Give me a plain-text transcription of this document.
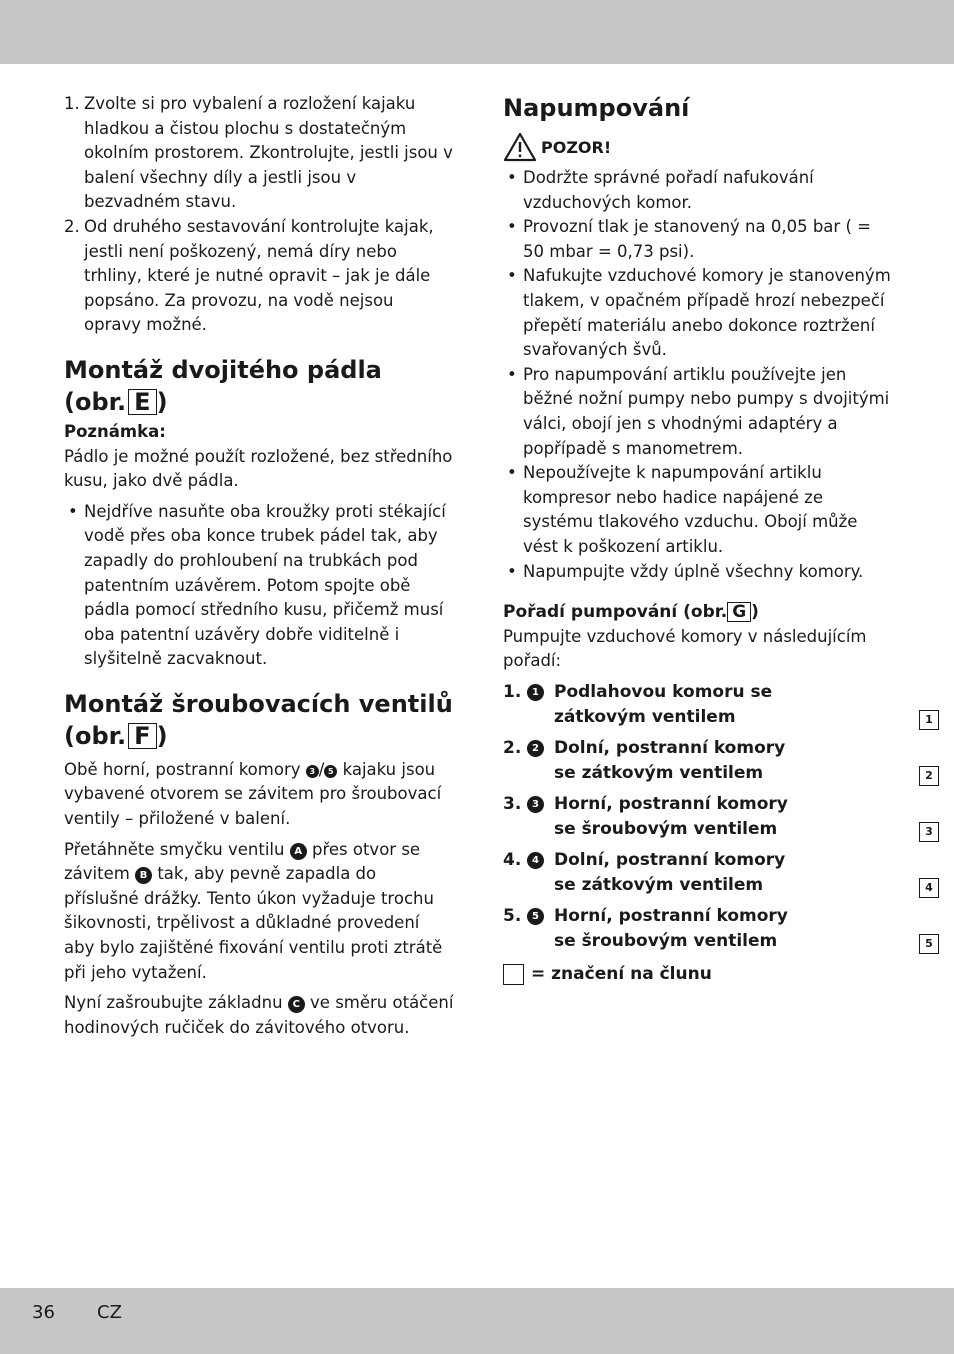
1. Zvolte si pro vybalení a rozložení kajaku hladkou a čistou plochu s dostatečným okolním prostorem. Zkontrolujte, jestli jsou v balení všechny díly a jestli jsou v bezvadném stavu.
2. Od druhého sestavování kontrolujte kajak, jestli není poškozený, nemá díry nebo trhliny, které je nutné opravit – jak je dále popsáno. Za provozu, na vodě nejsou opravy možné.
Montáž dvojitého pádla
(obr. E )

Poznámka:

Pádlo je možné použít rozložené, bez středního kusu, jako dvě pádla.

• Nejdříve nasuňte oba kroužky proti stékající vodě přes oba konce trubek pádel tak, aby zapadly do prohloubení na trubkách pod patentním uzávěrem. Potom spojte obě pádla pomocí středního kusu, přičemž musí oba patentní uzávěry dobře viditelně i slyšitelně zacvaknout.
Montáž šroubovacích ventilů
(obr. F )

Obě horní, postranní komory 3 / 5 kajaku jsou vybavené otvorem se závitem pro šroubovací ventily – přiložené v balení.

Přetáhněte smyčku ventilu A přes otvor se závitem B tak, aby pevně zapadla do příslušné drážky. Tento úkon vyžaduje trochu šikovnosti, trpělivost a důkladné provedení aby bylo zajištěné fixování ventilu proti ztrátě při jeho vytažení.

Nyní zašroubujte základnu C ve směru otáčení hodinových ručiček do závitového otvoru.

Napumpování
POZOR!
• Dodržte správné pořadí nafukování vzduchových komor.
• Provozní tlak je stanovený na 0,05 bar ( = 50 mbar = 0,73 psi).
• Nafukujte vzduchové komory je stanoveným tlakem, v opačném případě hrozí nebezpečí přepětí materiálu anebo dokonce roztržení svařovaných švů.
• Pro napumpování artiklu používejte jen běžné nožní pumpy nebo pumpy s dvojitými válci, obojí jen s vhodnými adaptéry a popřípadě s manometrem.
• Nepoužívejte k napumpování artiklu kompresor nebo hadice napájené ze systému tlakového vzduchu. Obojí může vést k poškození artiklu.
• Napumpujte vždy úplně všechny komory.

Pořadí pumpování (obr. G )

Pumpujte vzduchové komory v následujícím pořadí:

1.	1 Podlahovou komoru se
zátkovým ventilem	1
2.	2 Dolní, postranní komory
se zátkovým ventilem	2
3.	3 Horní, postranní komory
se šroubovým ventilem	3
4.	4 Dolní, postranní komory
se zátkovým ventilem	4
5.	5 Horní, postranní komory
se šroubovým ventilem	5
= značení na člunu
36 CZ
